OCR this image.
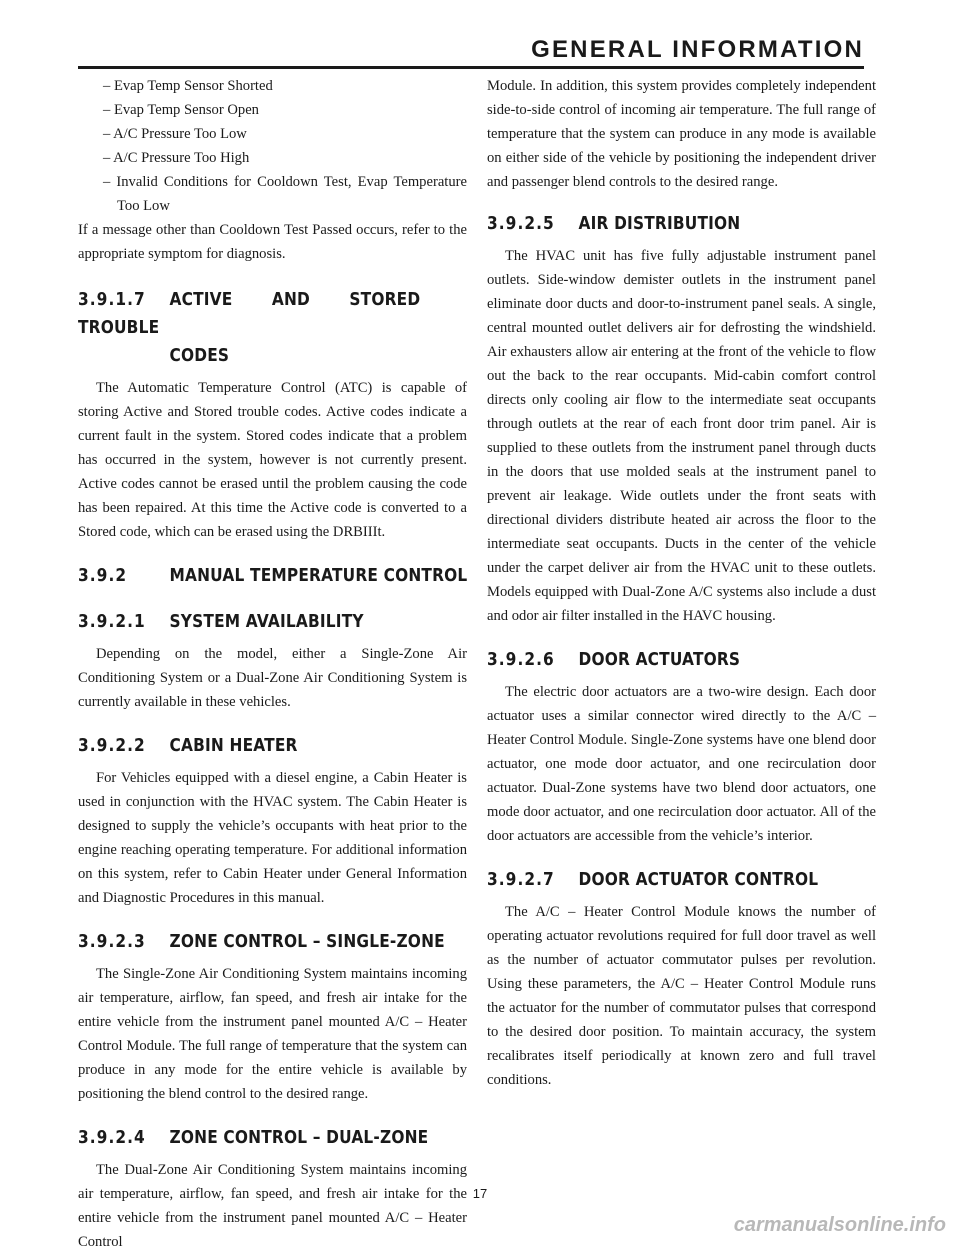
GENERAL INFORMATION
– Evap Temp Sensor Shorted
– Evap Temp Sensor Open
– A/C Pressure Too Low
– A/C Pressure Too High
– Invalid Conditions for Cooldown Test, Evap Temperature Too Low

If a message other than Cooldown Test Passed occurs, refer to the appropriate symptom for diagnosis.

3.9.1.7 ACTIVE AND STORED TROUBLE
CODES

The Automatic Temperature Control (ATC) is capable of storing Active and Stored trouble codes. Active codes indicate a current fault in the system. Stored codes indicate that a problem has occurred in the system, however is not currently present. Active codes cannot be erased until the problem causing the code has been repaired. At this time the Active code is converted to a Stored code, which can be erased using the DRBIIIt.

3.9.2 MANUAL TEMPERATURE CONTROL
3.9.2.1 SYSTEM AVAILABILITY

Depending on the model, either a Single-Zone Air Conditioning System or a Dual-Zone Air Conditioning System is currently available in these vehicles.

3.9.2.2 CABIN HEATER

For Vehicles equipped with a diesel engine, a Cabin Heater is used in conjunction with the HVAC system. The Cabin Heater is designed to supply the vehicle’s occupants with heat prior to the engine reaching operating temperature. For additional information on this system, refer to Cabin Heater under General Information and Diagnostic Procedures in this manual.

3.9.2.3 ZONE CONTROL – SINGLE-ZONE

The Single-Zone Air Conditioning System maintains incoming air temperature, airflow, fan speed, and fresh air intake for the entire vehicle from the instrument panel mounted A/C – Heater Control Module. The full range of temperature that the system can produce in any mode for the entire vehicle is available by positioning the blend control to the desired range.

3.9.2.4 ZONE CONTROL – DUAL-ZONE

The Dual-Zone Air Conditioning System maintains incoming air temperature, airflow, fan speed, and fresh air intake for the entire vehicle from the instrument panel mounted A/C – Heater Control

Module. In addition, this system provides completely independent side-to-side control of incoming air temperature. The full range of temperature that the system can produce in any mode is available on either side of the vehicle by positioning the independent driver and passenger blend controls to the desired range.

3.9.2.5 AIR DISTRIBUTION

The HVAC unit has five fully adjustable instrument panel outlets. Side-window demister outlets in the instrument panel eliminate door ducts and door-to-instrument panel seals. A single, central mounted outlet delivers air for defrosting the windshield. Air exhausters allow air entering at the front of the vehicle to flow out the back to the rear occupants. Mid-cabin comfort control directs only cooling air flow to the intermediate seat occupants through outlets at the rear of each front door trim panel. Air is supplied to these outlets from the instrument panel through ducts in the doors that use molded seals at the instrument panel to prevent air leakage. Wide outlets under the front seats with directional dividers distribute heated air across the floor to the intermediate seat occupants. Ducts in the center of the vehicle under the carpet deliver air from the HVAC unit to these outlets. Models equipped with Dual-Zone A/C systems also include a dust and odor air filter installed in the HAVC housing.

3.9.2.6 DOOR ACTUATORS

The electric door actuators are a two-wire design. Each door actuator uses a similar connector wired directly to the A/C – Heater Control Module. Single-Zone systems have one blend door actuator, one mode door actuator, and one recirculation door actuator. Dual-Zone systems have two blend door actuators, one mode door actuator, and one recirculation door actuator. All of the door actuators are accessible from the vehicle’s interior.

3.9.2.7 DOOR ACTUATOR CONTROL

The A/C – Heater Control Module knows the number of operating actuator revolutions required for full door travel as well as the number of actuator commutator pulses per revolution. Using these parameters, the A/C – Heater Control Module runs the actuator for the number of commutator pulses that correspond to the desired door position. To maintain accuracy, the system recalibrates itself periodically at known zero and full travel conditions.

17
carmanualsonline.info
